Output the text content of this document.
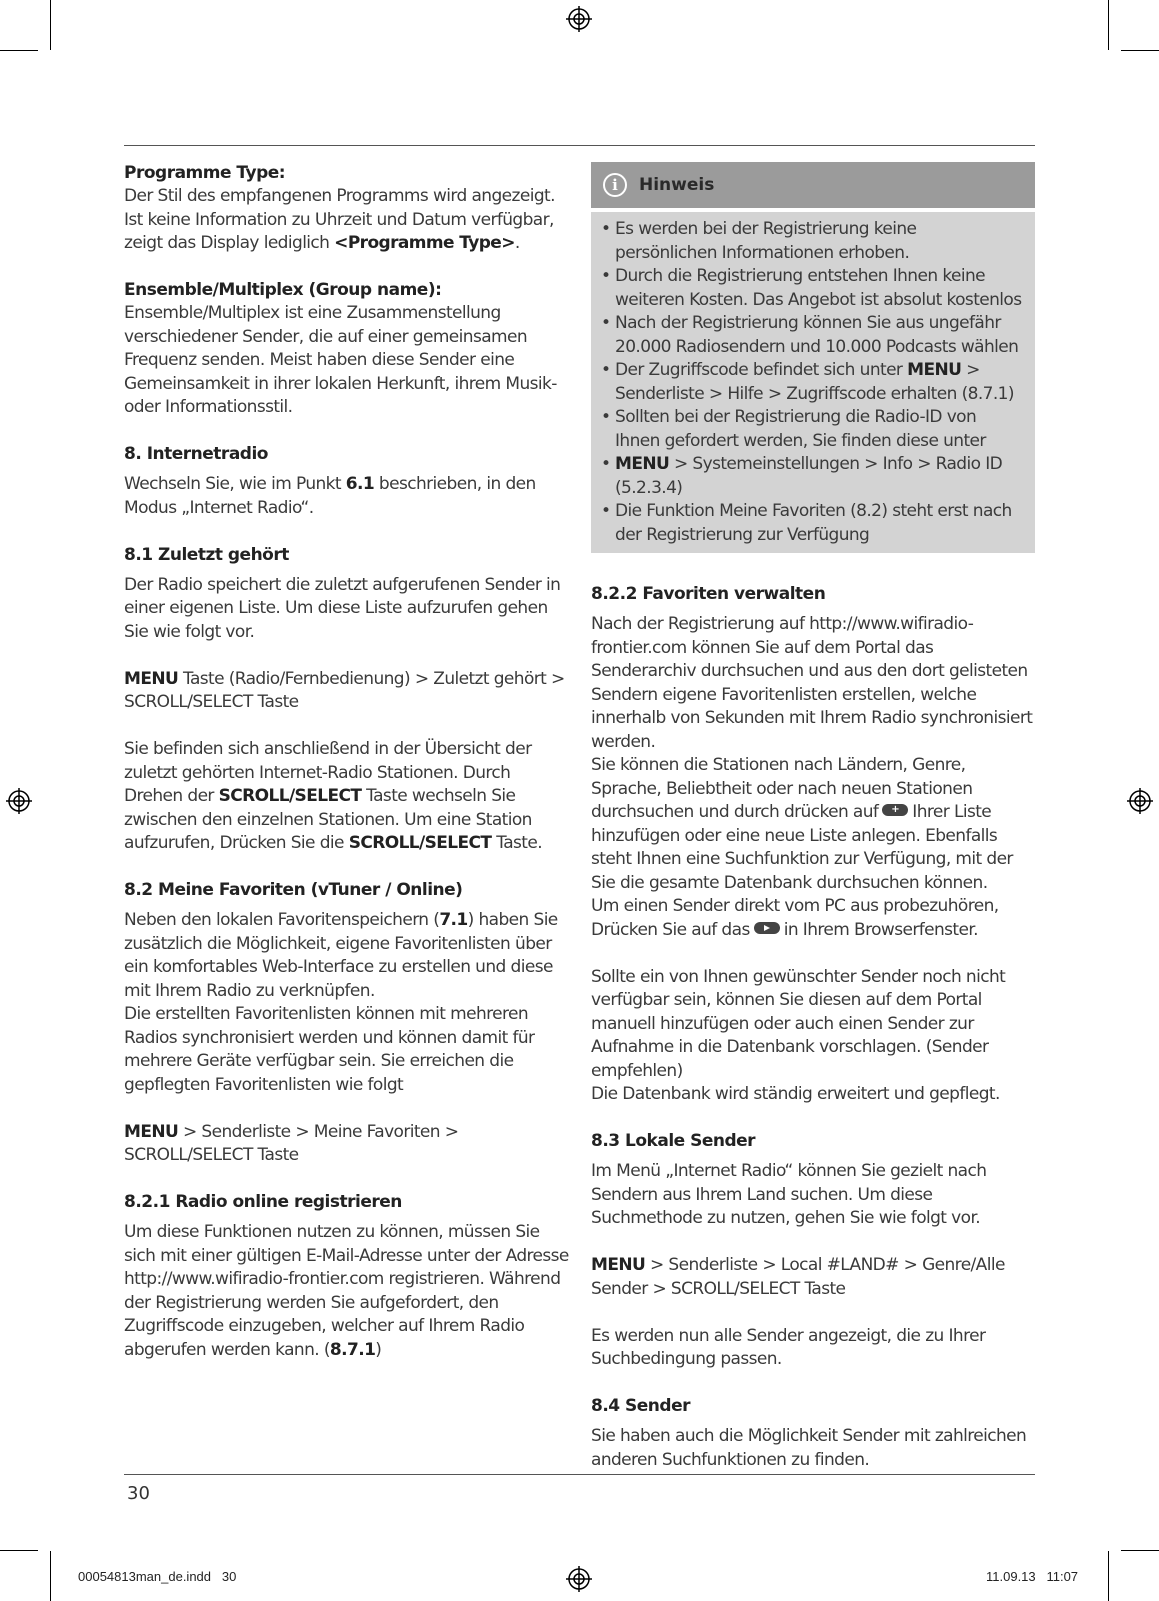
Programme Type:

Der Stil des empfangenen Programms wird angezeigt. Ist keine Information zu Uhrzeit und Datum verfügbar, zeigt das Display lediglich <Programme Type>.

Ensemble/Multiplex (Group name):

Ensemble/Multiplex ist eine Zusammenstellung verschiedener Sender, die auf einer gemeinsamen Frequenz senden. Meist haben diese Sender eine Gemeinsamkeit in ihrer lokalen Herkunft, ihrem Musik- oder Informationsstil.

8. Internetradio

Wechseln Sie, wie im Punkt 6.1 beschrieben, in den Modus „Internet Radio“.

8.1 Zuletzt gehört

Der Radio speichert die zuletzt aufgerufenen Sender in einer eigenen Liste. Um diese Liste aufzurufen gehen Sie wie folgt vor.

MENU Taste (Radio/Fernbedienung) > Zuletzt gehört > SCROLL/SELECT Taste

Sie befinden sich anschließend in der Übersicht der zuletzt gehörten Internet-Radio Stationen. Durch Drehen der SCROLL/SELECT Taste wechseln Sie zwischen den einzelnen Stationen. Um eine Station aufzurufen, Drücken Sie die SCROLL/SELECT Taste.

8.2 Meine Favoriten (vTuner / Online)

Neben den lokalen Favoritenspeichern (7.1) haben Sie zusätzlich die Möglichkeit, eigene Favoritenlisten über ein komfortables Web-Interface zu erstellen und diese mit Ihrem Radio zu verknüpfen.

Die erstellten Favoritenlisten können mit mehreren Radios synchronisiert werden und können damit für mehrere Geräte verfügbar sein. Sie erreichen die gepflegten Favoritenlisten wie folgt

MENU > Senderliste > Meine Favoriten > SCROLL/SELECT Taste

8.2.1 Radio online registrieren

Um diese Funktionen nutzen zu können, müssen Sie sich mit einer gültigen E-Mail-Adresse unter der Adresse http://www.wifiradio-frontier.com registrieren. Während der Registrierung werden Sie aufgefordert, den Zugriffscode einzugeben, welcher auf Ihrem Radio abgerufen werden kann. (8.7.1)

i	Hinweis
• Es werden bei der Registrierung keine persönlichen Informationen erhoben.
• Durch die Registrierung entstehen Ihnen keine weiteren Kosten. Das Angebot ist absolut kostenlos
• Nach der Registrierung können Sie aus ungefähr 20.000 Radiosendern und 10.000 Podcasts wählen
• Der Zugriffscode befindet sich unter MENU > Senderliste > Hilfe > Zugriffscode erhalten (8.7.1)
• Sollten bei der Registrierung die Radio-ID von Ihnen gefordert werden, Sie finden diese unter
• MENU > Systemeinstellungen > Info > Radio ID (5.2.3.4)
• Die Funktion Meine Favoriten (8.2) steht erst nach der Registrierung zur Verfügung

8.2.2 Favoriten verwalten

Nach der Registrierung auf http://www.wifiradio-frontier.com können Sie auf dem Portal das Senderarchiv durchsuchen und aus den dort gelisteten Sendern eigene Favoritenlisten erstellen, welche innerhalb von Sekunden mit Ihrem Radio synchronisiert werden.

Sie können die Stationen nach Ländern, Genre, Sprache, Beliebtheit oder nach neuen Stationen durchsuchen und durch drücken auf+ Ihrer Liste hinzufügen oder eine neue Liste anlegen. Ebenfalls steht Ihnen eine Suchfunktion zur Verfügung, mit der Sie die gesamte Datenbank durchsuchen können.

Um einen Sender direkt vom PC aus probezuhören, Drücken Sie auf das in Ihrem Browserfenster.

Sollte ein von Ihnen gewünschter Sender noch nicht verfügbar sein, können Sie diesen auf dem Portal manuell hinzufügen oder auch einen Sender zur Aufnahme in die Datenbank vorschlagen. (Sender empfehlen)

Die Datenbank wird ständig erweitert und gepflegt.

8.3 Lokale Sender

Im Menü „Internet Radio“ können Sie gezielt nach Sendern aus Ihrem Land suchen. Um diese Suchmethode zu nutzen, gehen Sie wie folgt vor.

MENU > Senderliste > Local #LAND# > Genre/Alle Sender > SCROLL/SELECT Taste

Es werden nun alle Sender angezeigt, die zu Ihrer Suchbedingung passen.

8.4 Sender

Sie haben auch die Möglichkeit Sender mit zahlreichen anderen Suchfunktionen zu finden.

30
00054813man_de.indd   30	11.09.13   11:07
